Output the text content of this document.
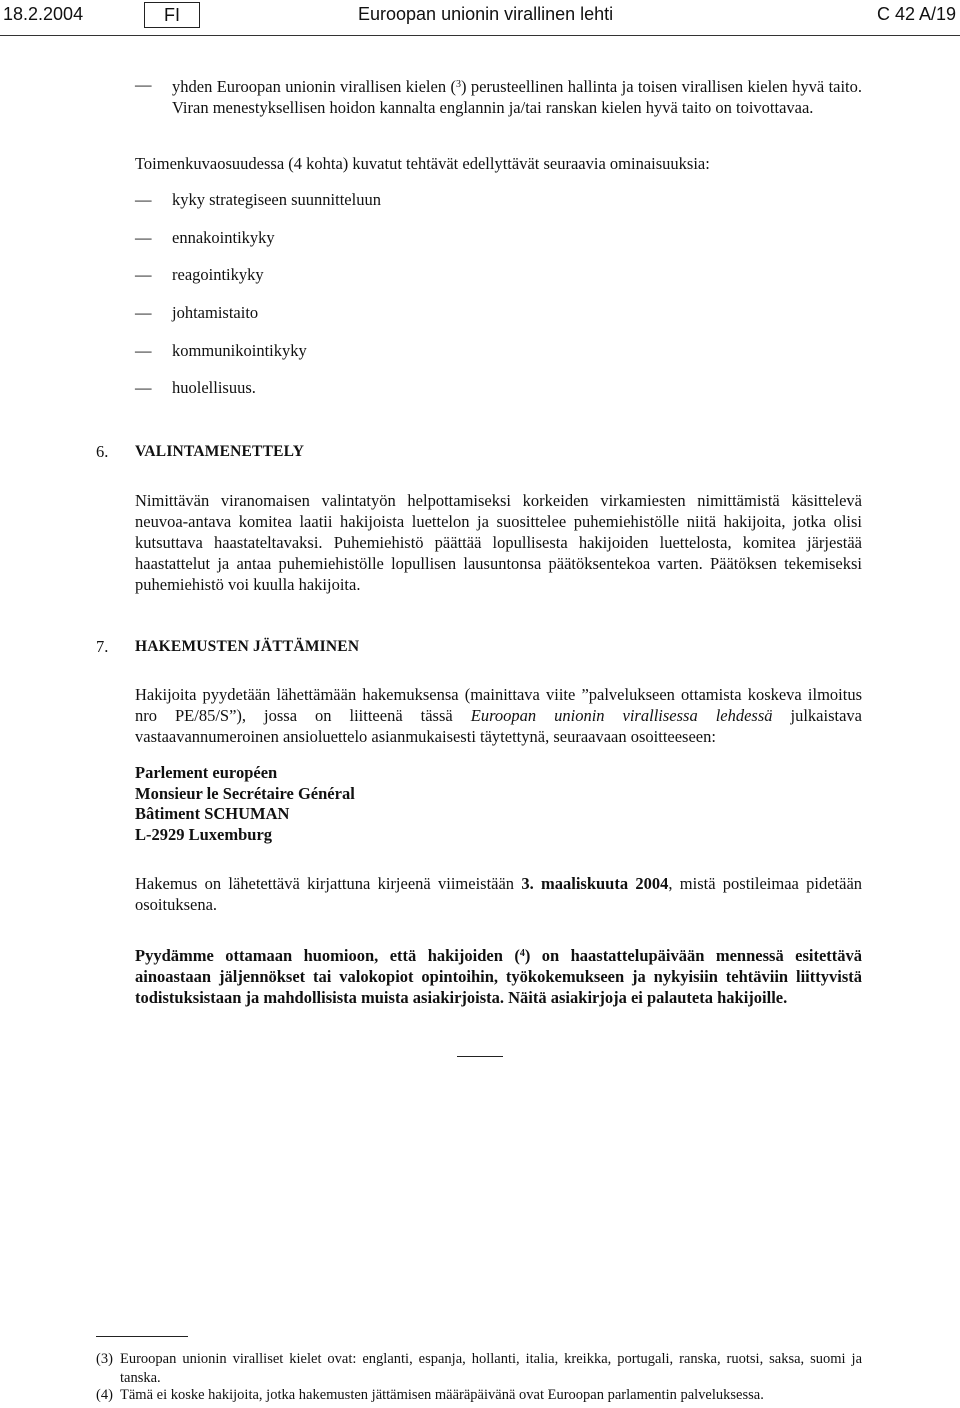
18.2.2004	FI	Euroopan unionin virallinen lehti	C 42 A/19
— yhden Euroopan unionin virallisen kielen ($^3$) perusteellinen hallinta ja toisen virallisen kielen hyvä taito. Viran menestyksellisen hoidon kannalta englannin ja/tai ranskan kielen hyvä taito on toivottavaa.
Toimenkuvaosuudessa (4 kohta) kuvatut tehtävät edellyttävät seuraavia ominaisuuksia:
— kyky strategiseen suunnitteluun
— ennakointikyky
— reagointikyky
— johtamistaito
— kommunikointikyky
— huolellisuus.
6. VALINTAMENETTELY
Nimittävän viranomaisen valintatyön helpottamiseksi korkeiden virkamiesten nimittämistä käsittelevä neuvoa-antava komitea laatii hakijoista luettelon ja suosittelee puhemiehistölle niitä hakijoita, jotka olisi kutsuttava haastateltavaksi. Puhemiehistö päättää lopullisesta hakijoiden luettelosta, komitea järjestää haastattelut ja antaa puhemiehistölle lopullisen lausuntonsa päätöksentekoa varten. Päätöksen tekemiseksi puhemiehistö voi kuulla hakijoita.
7. HAKEMUSTEN JÄTTÄMINEN
Hakijoita pyydetään lähettämään hakemuksensa (mainittava viite ”palvelukseen ottamista koskeva ilmoitus nro PE/85/S”), jossa on liitteenä tässä Euroopan unionin virallisessa lehdessä julkaistava vastaavannumeroinen ansioluettelo asianmukaisesti täytettynä, seuraavaan osoitteeseen:
Parlement européen
Monsieur le Secrétaire Général
Bâtiment SCHUMAN
L-2929 Luxemburg
Hakemus on lähetettävä kirjattuna kirjeenä viimeistään 3. maaliskuuta 2004, mistä postileimaa pidetään osoituksena.
Pyydämme ottamaan huomioon, että hakijoiden ($^4$) on haastattelupäivään mennessä esitettävä ainoastaan jäljennökset tai valokopiot opintoihin, työkokemukseen ja nykyisiin tehtäviin liittyvistä todistuksistaan ja mahdollisista muista asiakirjoista. Näitä asiakirjoja ei palauteta hakijoille.
(3) Euroopan unionin viralliset kielet ovat: englanti, espanja, hollanti, italia, kreikka, portugali, ranska, ruotsi, saksa, suomi ja tanska.
(4) Tämä ei koske hakijoita, jotka hakemusten jättämisen määräpäivänä ovat Euroopan parlamentin palveluksessa.
